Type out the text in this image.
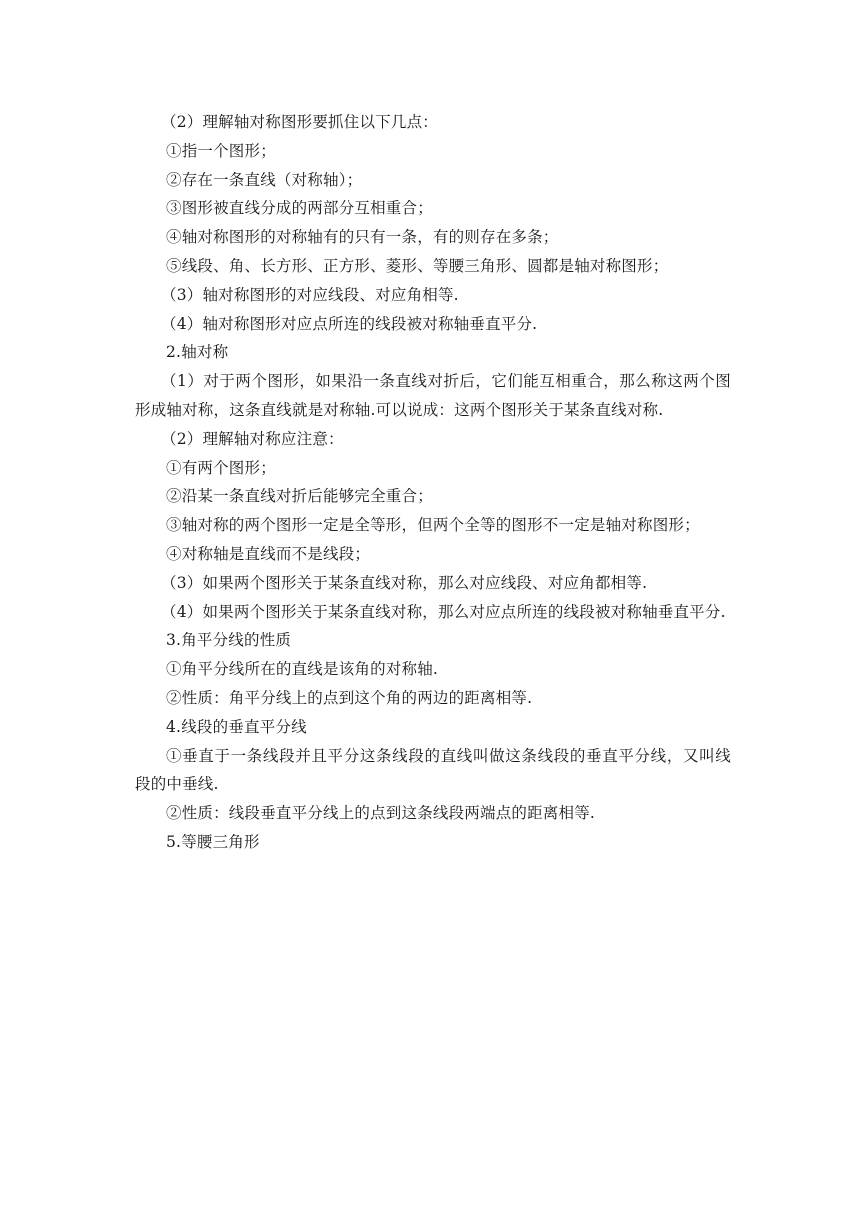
（2）理解轴对称图形要抓住以下几点：
①指一个图形；
②存在一条直线（对称轴）；
③图形被直线分成的两部分互相重合；
④轴对称图形的对称轴有的只有一条，有的则存在多条；
⑤线段、角、长方形、正方形、菱形、等腰三角形、圆都是轴对称图形；
（3）轴对称图形的对应线段、对应角相等.
（4）轴对称图形对应点所连的线段被对称轴垂直平分.
2.轴对称
（1）对于两个图形，如果沿一条直线对折后，它们能互相重合，那么称这两个图形成轴对称，这条直线就是对称轴.可以说成：这两个图形关于某条直线对称.
（2）理解轴对称应注意：
①有两个图形；
②沿某一条直线对折后能够完全重合；
③轴对称的两个图形一定是全等形，但两个全等的图形不一定是轴对称图形；
④对称轴是直线而不是线段；
（3）如果两个图形关于某条直线对称，那么对应线段、对应角都相等.
（4）如果两个图形关于某条直线对称，那么对应点所连的线段被对称轴垂直平分.
3.角平分线的性质
①角平分线所在的直线是该角的对称轴.
②性质：角平分线上的点到这个角的两边的距离相等.
4.线段的垂直平分线
①垂直于一条线段并且平分这条线段的直线叫做这条线段的垂直平分线，又叫线段的中垂线.
②性质：线段垂直平分线上的点到这条线段两端点的距离相等.
5.等腰三角形
